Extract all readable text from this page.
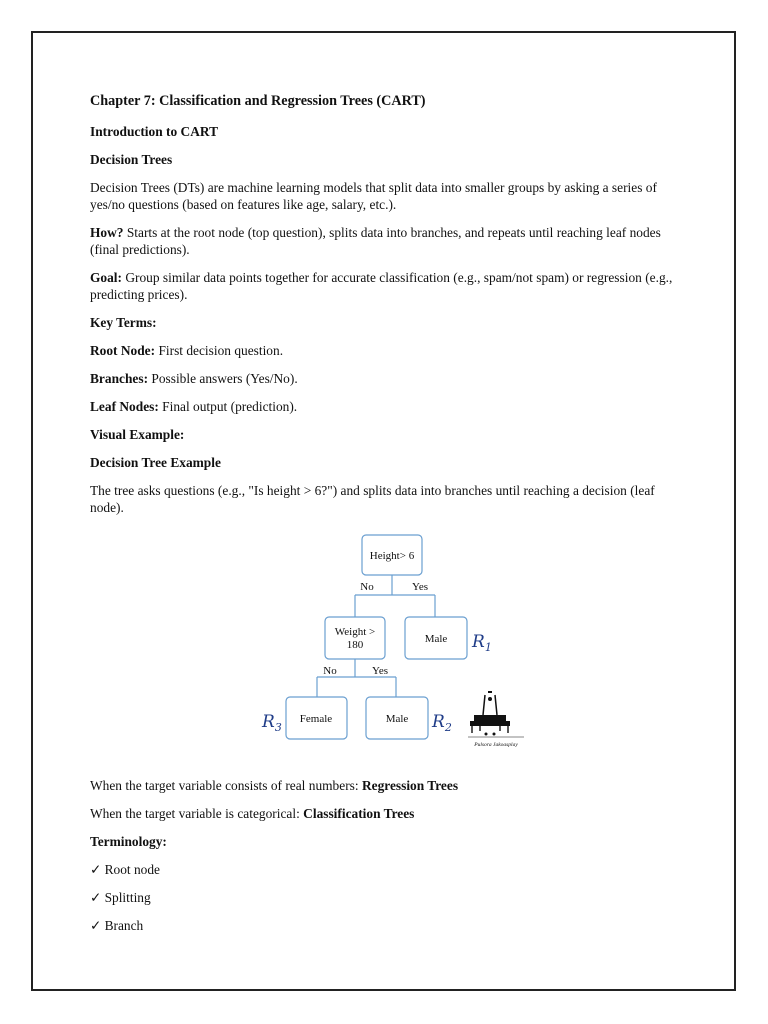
Chapter 7: Classification and Regression Trees (CART)

Introduction to CART

Decision Trees

Decision Trees (DTs) are machine learning models that split data into smaller groups by asking a series of yes/no questions (based on features like age, salary, etc.).

How? Starts at the root node (top question), splits data into branches, and repeats until reaching leaf nodes (final predictions).

Goal: Group similar data points together for accurate classification (e.g., spam/not spam) or regression (e.g., predicting prices).

Key Terms:

Root Node: First decision question.

Branches: Possible answers (Yes/No).

Leaf Nodes: Final output (prediction).

Visual Example:

Decision Tree Example

The tree asks questions (e.g., "Is height > 6?") and splits data into branches until reaching a decision (leaf node).

Height> 6
No	Yes
Weight >
180	Male $R_1$
No	Yes
Female
$R_3$
Male $R_2$
Pulsora Jakoasplay

When the target variable consists of real numbers: Regression Trees

When the target variable is categorical: Classification Trees

Terminology:

✓ Root node

✓ Splitting

✓ Branch
